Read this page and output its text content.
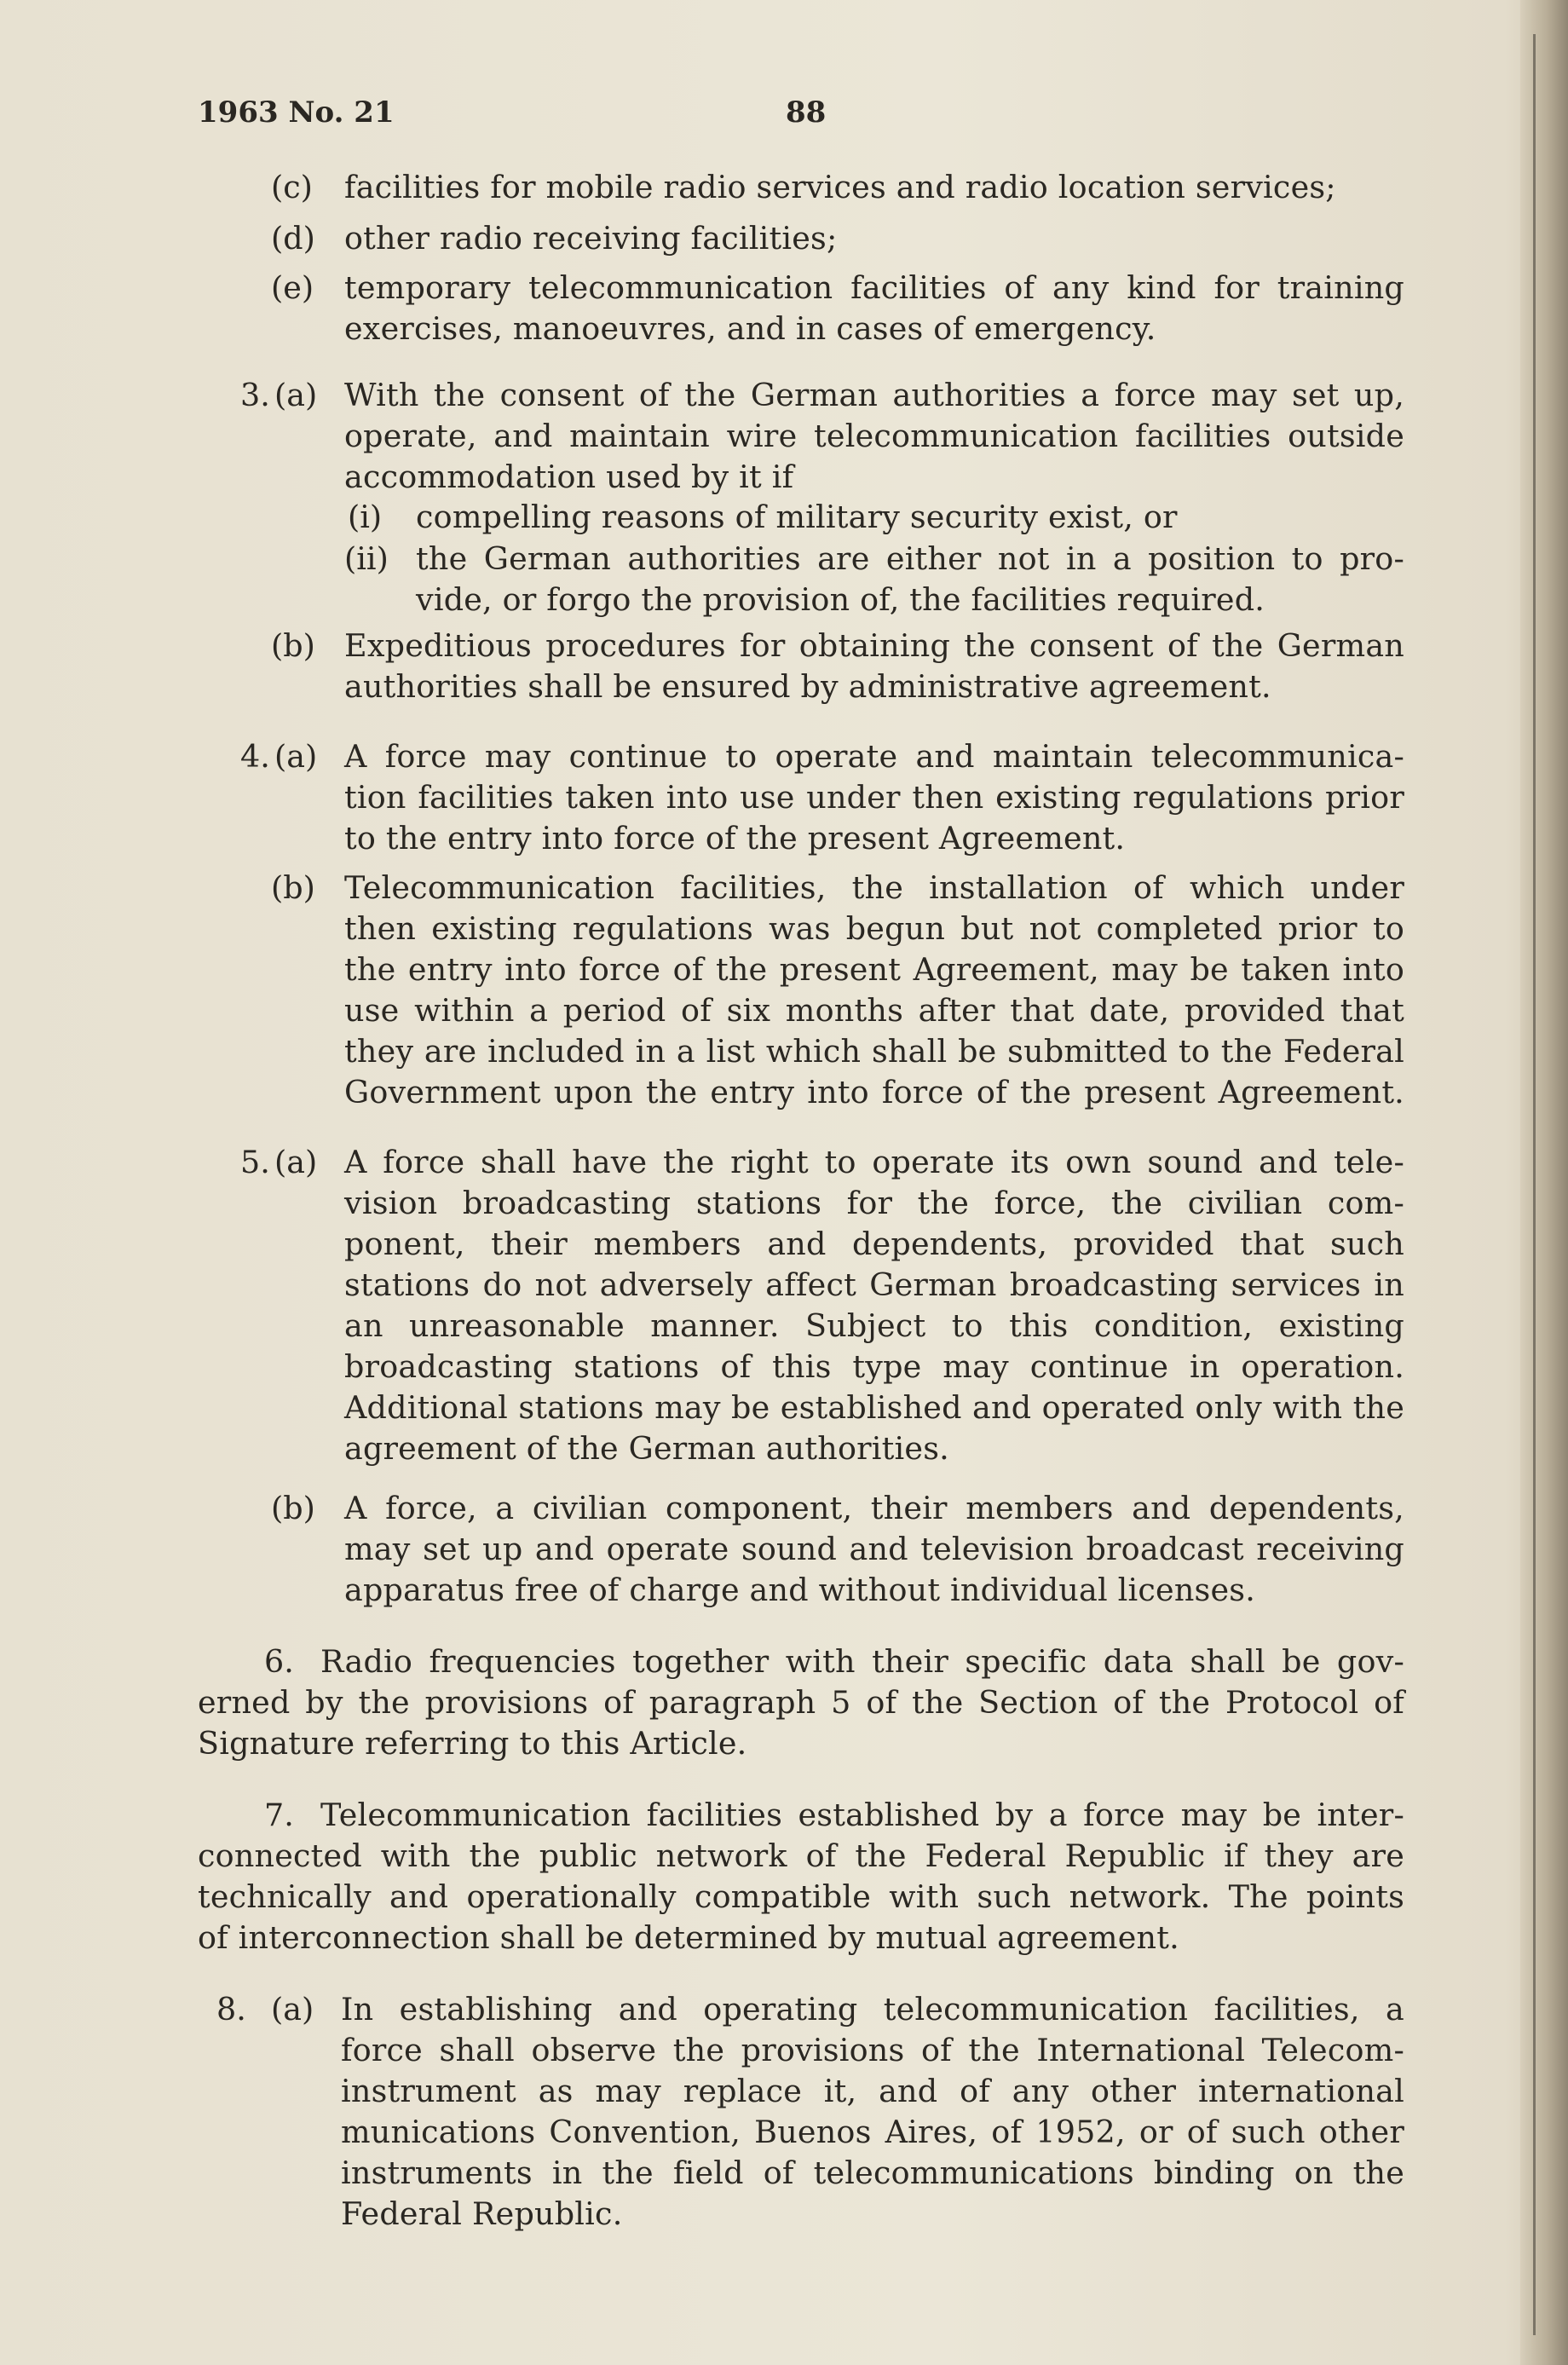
1963 No. 21	88
(c) facilities for mobile radio services and radio location services;
(d) other radio receiving facilities;
(e) temporary telecommunication facilities of any kind for training
exercises, manoeuvres, and in cases of emergency.
3. (a) With the consent of the German authorities a force may set up,
operate, and maintain wire telecommunication facilities outside
accommodation used by it if
(i) compelling reasons of military security exist, or
(ii) the German authorities are either not in a position to pro-
vide, or forgo the provision of, the facilities required.
(b) Expeditious procedures for obtaining the consent of the German
authorities shall be ensured by administrative agreement.
4. (a) A force may continue to operate and maintain telecommunica-
tion facilities taken into use under then existing regulations prior
to the entry into force of the present Agreement.
(b) Telecommunication facilities, the installation of which under
then existing regulations was begun but not completed prior to
the entry into force of the present Agreement, may be taken into
use within a period of six months after that date, provided that
they are included in a list which shall be submitted to the Federal
Government upon the entry into force of the present Agreement.
5. (a) A force shall have the right to operate its own sound and tele-
vision broadcasting stations for the force, the civilian com-
ponent, their members and dependents, provided that such
stations do not adversely affect German broadcasting services in
an unreasonable manner. Subject to this condition, existing
broadcasting stations of this type may continue in operation.
Additional stations may be established and operated only with the
agreement of the German authorities.
(b) A force, a civilian component, their members and dependents,
may set up and operate sound and television broadcast receiving
apparatus free of charge and without individual licenses.
6. Radio frequencies together with their specific data shall be gov-
erned by the provisions of paragraph 5 of the Section of the Protocol of
Signature referring to this Article.
7. Telecommunication facilities established by a force may be inter-
connected with the public network of the Federal Republic if they are
technically and operationally compatible with such network. The points
of interconnection shall be determined by mutual agreement.
8. (a) In establishing and operating telecommunication facilities, a
force shall observe the provisions of the International Telecom-
instrument as may replace it, and of any other international
munications Convention, Buenos Aires, of 1952, or of such other
instruments in the field of telecommunications binding on the
Federal Republic.
